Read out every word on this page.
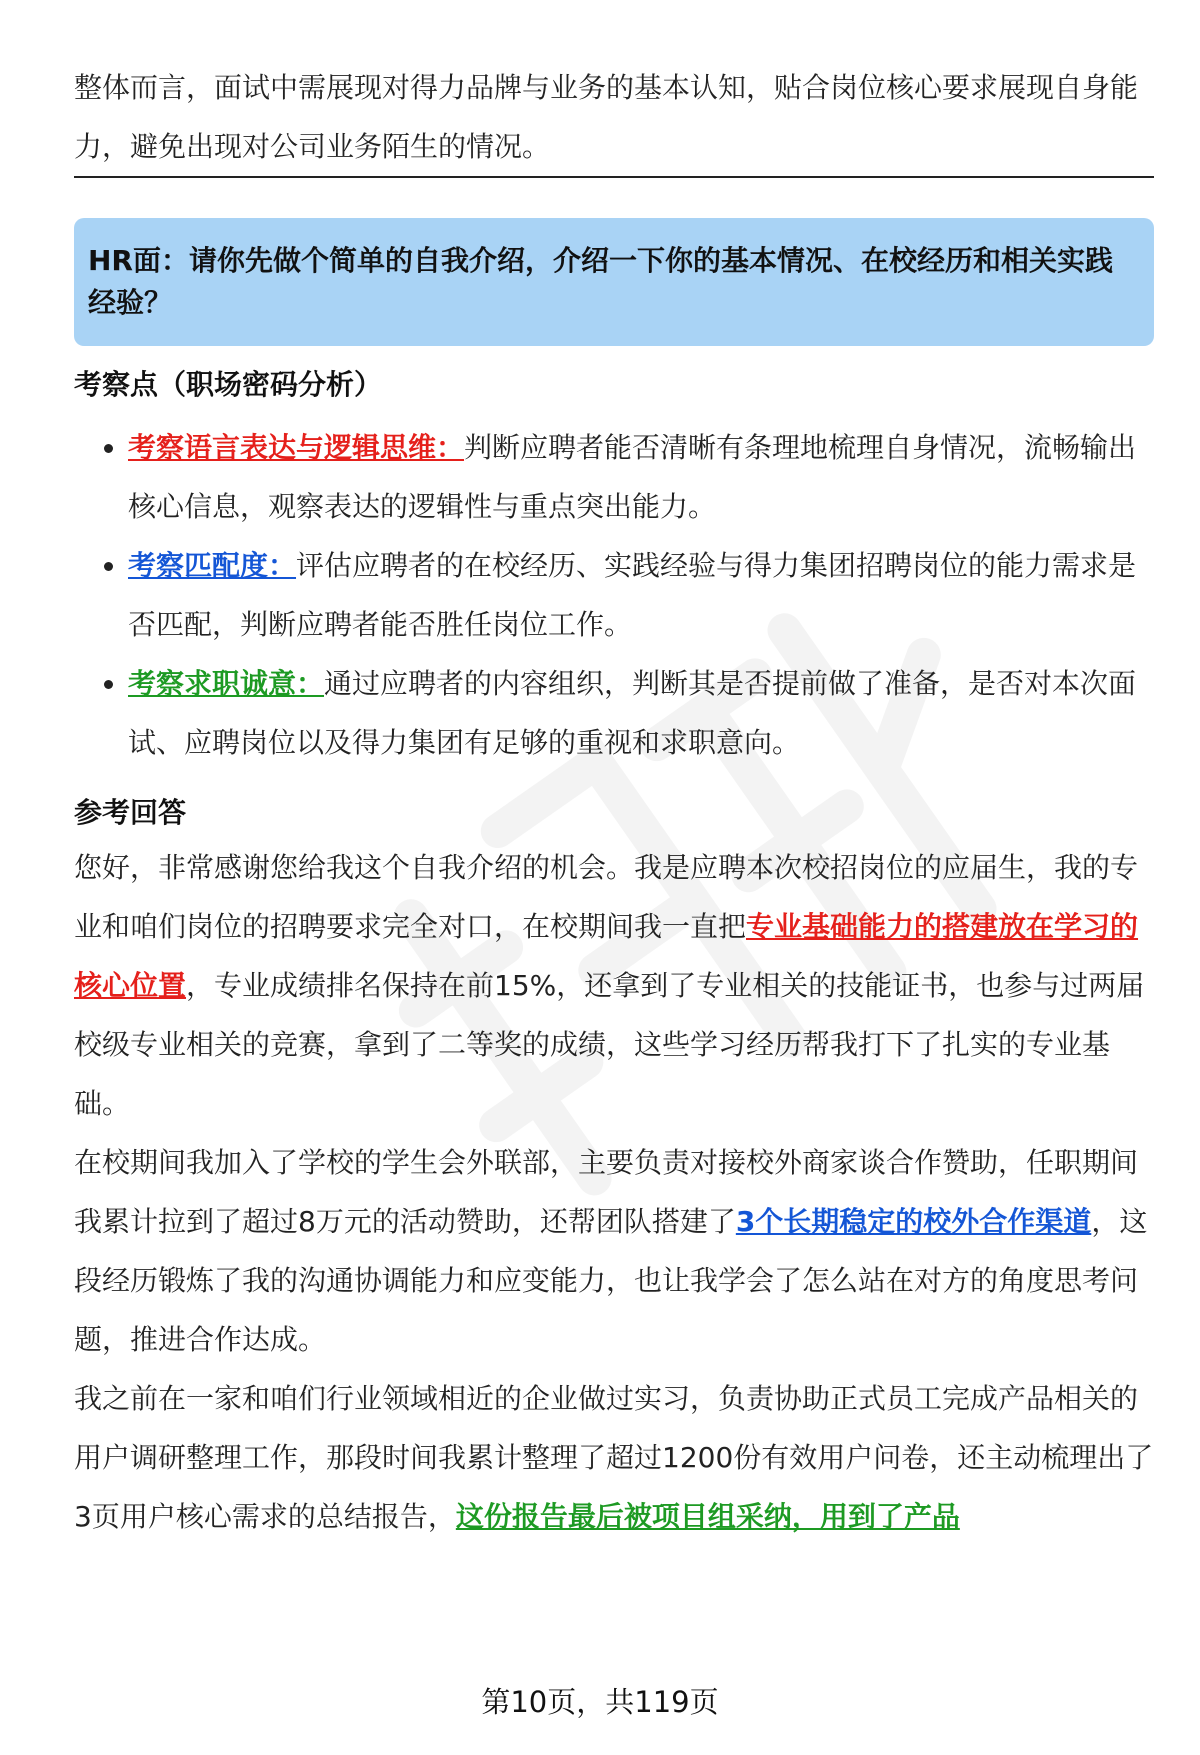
整体而言，面试中需展现对得力品牌与业务的基本认知，贴合岗位核心要求展现自身能力，避免出现对公司业务陌生的情况。

HR面：请你先做个简单的自我介绍，介绍一下你的基本情况、在校经历和相关实践经验？

考察点（职场密码分析）
• 考察语言表达与逻辑思维：判断应聘者能否清晰有条理地梳理自身情况，流畅输出核心信息，观察表达的逻辑性与重点突出能力。
• 考察匹配度：评估应聘者的在校经历、实践经验与得力集团招聘岗位的能力需求是否匹配，判断应聘者能否胜任岗位工作。
• 考察求职诚意：通过应聘者的内容组织，判断其是否提前做了准备，是否对本次面试、应聘岗位以及得力集团有足够的重视和求职意向。
参考回答

您好，非常感谢您给我这个自我介绍的机会。我是应聘本次校招岗位的应届生，我的专业和咱们岗位的招聘要求完全对口，在校期间我一直把专业基础能力的搭建放在学习的核心位置，专业成绩排名保持在前15%，还拿到了专业相关的技能证书，也参与过两届校级专业相关的竞赛，拿到了二等奖的成绩，这些学习经历帮我打下了扎实的专业基础。

在校期间我加入了学校的学生会外联部，主要负责对接校外商家谈合作赞助，任职期间我累计拉到了超过8万元的活动赞助，还帮团队搭建了3个长期稳定的校外合作渠道，这段经历锻炼了我的沟通协调能力和应变能力，也让我学会了怎么站在对方的角度思考问题，推进合作达成。

我之前在一家和咱们行业领域相近的企业做过实习，负责协助正式员工完成产品相关的用户调研整理工作，那段时间我累计整理了超过1200份有效用户问卷，还主动梳理出了3页用户核心需求的总结报告，这份报告最后被项目组采纳，用到了产品

第10页，共119页
